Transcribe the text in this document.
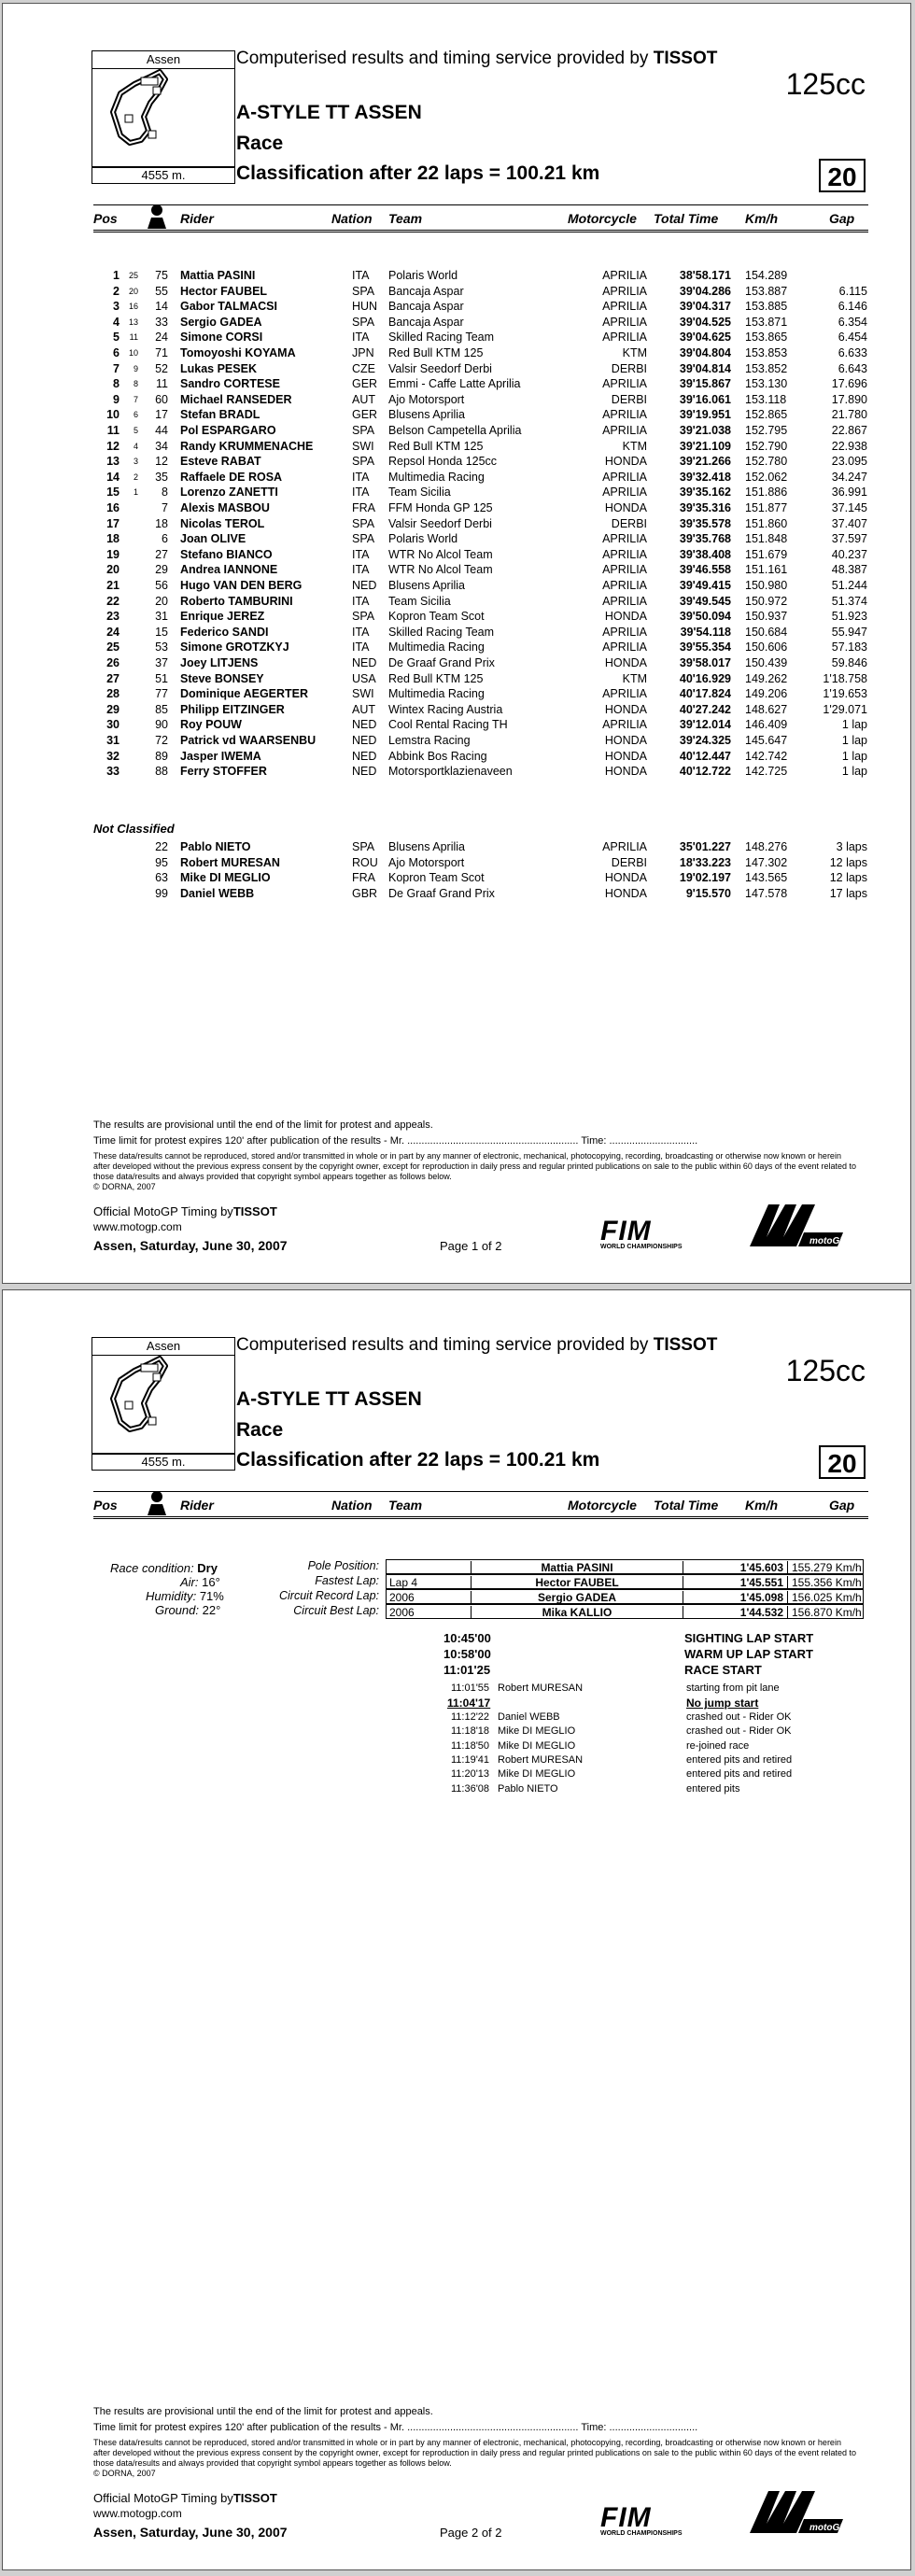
Assen
4555 m.
Computerised results and timing service provided by TISSOT
125cc
A-STYLE TT ASSEN
Race
Classification after 22 laps = 100.21 km	20
Pos	Rider	Nation Team	Motorcycle Total Time Km/h	Gap
1	25	75 Mattia PASINI	ITA	Polaris World	APRILIA	38'58.171 154.289
2	20	55 Hector FAUBEL	SPA	Bancaja Aspar	APRILIA	39'04.286 153.887	6.115
3	16	14 Gabor TALMACSI	HUN Bancaja Aspar	APRILIA	39'04.317 153.885	6.146
4	13	33 Sergio GADEA	SPA	Bancaja Aspar	APRILIA	39'04.525 153.871	6.354
5	11	24 Simone CORSI	ITA	Skilled Racing Team	APRILIA	39'04.625 153.865	6.454
6	10	71 Tomoyoshi KOYAMA	JPN	Red Bull KTM 125	KTM	39'04.804 153.853	6.633
7	9	52 Lukas PESEK	CZE	Valsir Seedorf Derbi	DERBI	39'04.814 153.852	6.643
8	8	11 Sandro CORTESE	GER Emmi - Caffe Latte Aprilia	APRILIA	39'15.867 153.130	17.696
9	7	60 Michael RANSEDER	AUT	Ajo Motorsport	DERBI	39'16.061 153.118	17.890
10	6	17 Stefan BRADL	GER Blusens Aprilia	APRILIA	39'19.951 152.865	21.780
11	5	44 Pol ESPARGARO	SPA	Belson Campetella Aprilia	APRILIA	39'21.038 152.795	22.867
12	4	34 Randy KRUMMENACHE	SWI	Red Bull KTM 125	KTM	39'21.109 152.790	22.938
13	3	12 Esteve RABAT	SPA	Repsol Honda 125cc	HONDA	39'21.266 152.780	23.095
14	2	35 Raffaele DE ROSA	ITA	Multimedia Racing	APRILIA	39'32.418 152.062	34.247
15	1	8 Lorenzo ZANETTI	ITA	Team Sicilia	APRILIA	39'35.162 151.886	36.991
16	7 Alexis MASBOU	FRA	FFM Honda GP 125	HONDA	39'35.316 151.877	37.145
17	18 Nicolas TEROL	SPA	Valsir Seedorf Derbi	DERBI	39'35.578 151.860	37.407
18	6 Joan OLIVE	SPA	Polaris World	APRILIA	39'35.768 151.848	37.597
19	27 Stefano BIANCO	ITA	WTR No Alcol Team	APRILIA	39'38.408 151.679	40.237
20	29 Andrea IANNONE	ITA	WTR No Alcol Team	APRILIA	39'46.558 151.161	48.387
21	56 Hugo VAN DEN BERG	NED	Blusens Aprilia	APRILIA	39'49.415 150.980	51.244
22	20 Roberto TAMBURINI	ITA	Team Sicilia	APRILIA	39'49.545 150.972	51.374
23	31 Enrique JEREZ	SPA	Kopron Team Scot	HONDA	39'50.094 150.937	51.923
24	15 Federico SANDI	ITA	Skilled Racing Team	APRILIA	39'54.118 150.684	55.947
25	53 Simone GROTZKYJ	ITA	Multimedia Racing	APRILIA	39'55.354 150.606	57.183
26	37 Joey LITJENS	NED	De Graaf Grand Prix	HONDA	39'58.017 150.439	59.846
27	51 Steve BONSEY	USA	Red Bull KTM 125	KTM	40'16.929 149.262	1'18.758
28	77 Dominique AEGERTER	SWI	Multimedia Racing	APRILIA	40'17.824 149.206	1'19.653
29	85 Philipp EITZINGER	AUT	Wintex Racing Austria	HONDA	40'27.242 148.627	1'29.071
30	90 Roy POUW	NED	Cool Rental Racing TH	APRILIA	39'12.014 146.409	1 lap
31	72 Patrick vd WAARSENBU	NED	Lemstra Racing	HONDA	39'24.325 145.647	1 lap
32	89 Jasper IWEMA	NED	Abbink Bos Racing	HONDA	40'12.447 142.742	1 lap
33	88 Ferry STOFFER	NED	Motorsportklazienaveen	HONDA	40'12.722 142.725	1 lap
Not Classified
22 Pablo NIETO	SPA	Blusens Aprilia	APRILIA	35'01.227 148.276	3 laps
95 Robert MURESAN	ROU Ajo Motorsport	DERBI	18'33.223 147.302	12 laps
63 Mike DI MEGLIO	FRA	Kopron Team Scot	HONDA	19'02.197 143.565	12 laps
99 Daniel WEBB	GBR De Graaf Grand Prix	HONDA	9'15.570 147.578	17 laps
The results are provisional until the end of the limit for protest and appeals.
Time limit for protest expires 120' after publication of the results - Mr. ............................................................ Time: ...............................
These data/results cannot be reproduced, stored and/or transmitted in whole or in part by any manner of electronic, mechanical, photocopying, recording, broadcasting or otherwise now known or herein after developed without the previous express consent by the copyright owner, except for reproduction in daily press and regular printed publications on sale to the public within 60 days of the event related to those data/results and always provided that copyright symbol appears together as follows below.
© DORNA, 2007
Official MotoGP Timing byTISSOT
www.motogp.com
Assen, Saturday, June 30, 2007	Page 1 of 2	FIM
WORLD CHAMPIONSHIPS
motoGP
Assen
4555 m.
Computerised results and timing service provided by TISSOT
125cc
A-STYLE TT ASSEN
Race
Classification after 22 laps = 100.21 km	20
Pos	Rider	Nation Team	Motorcycle Total Time Km/h	Gap
Race condition: Dry
Air: 16°
Humidity: 71%
Ground: 22°
Pole Position:	Mattia PASINI	1'45.603 155.279 Km/h
Fastest Lap: Lap 4	Hector FAUBEL	1'45.551 155.356 Km/h
Circuit Record Lap: 2006	Sergio GADEA	1'45.098 156.025 Km/h
Circuit Best Lap: 2006	Mika KALLIO	1'44.532 156.870 Km/h
10:45'00	SIGHTING LAP START
10:58'00	WARM UP LAP START
11:01'25	RACE START
11:01'55 Robert MURESAN	starting from pit lane
11:04'17	No jump start
11:12'22 Daniel WEBB	crashed out - Rider OK
11:18'18 Mike DI MEGLIO	crashed out - Rider OK
11:18'50 Mike DI MEGLIO	re-joined race
11:19'41 Robert MURESAN	entered pits and retired
11:20'13 Mike DI MEGLIO	entered pits and retired
11:36'08 Pablo NIETO	entered pits
The results are provisional until the end of the limit for protest and appeals.
Time limit for protest expires 120' after publication of the results - Mr. ............................................................ Time: ...............................
These data/results cannot be reproduced, stored and/or transmitted in whole or in part by any manner of electronic, mechanical, photocopying, recording, broadcasting or otherwise now known or herein after developed without the previous express consent by the copyright owner, except for reproduction in daily press and regular printed publications on sale to the public within 60 days of the event related to those data/results and always provided that copyright symbol appears together as follows below.
© DORNA, 2007
Official MotoGP Timing byTISSOT
www.motogp.com
Assen, Saturday, June 30, 2007	Page 2 of 2	FIM
WORLD CHAMPIONSHIPS
motoGP
